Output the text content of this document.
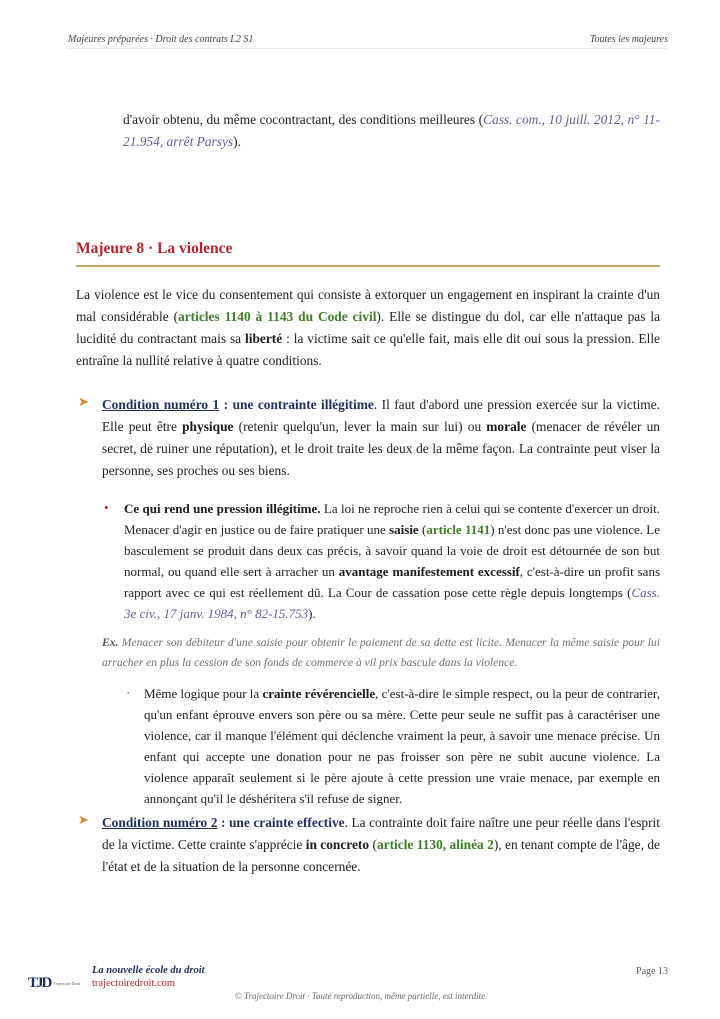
Majeures préparées · Droit des contrats L2 S1	Toutes les majeures

d'avoir obtenu, du même cocontractant, des conditions meilleures (Cass. com., 10 juill. 2012, n° 11-21.954, arrêt Parsys).

Majeure 8 · La violence

La violence est le vice du consentement qui consiste à extorquer un engagement en inspirant la crainte d'un mal considérable (articles 1140 à 1143 du Code civil). Elle se distingue du dol, car elle n'attaque pas la lucidité du contractant mais sa liberté : la victime sait ce qu'elle fait, mais elle dit oui sous la pression. Elle entraîne la nullité relative à quatre conditions.

➤ Condition numéro 1 : une contrainte illégitime. Il faut d'abord une pression exercée sur la victime. Elle peut être physique (retenir quelqu'un, lever la main sur lui) ou morale (menacer de révéler un secret, de ruiner une réputation), et le droit traite les deux de la même façon. La contrainte peut viser la personne, ses proches ou ses biens.

• Ce qui rend une pression illégitime. La loi ne reproche rien à celui qui se contente d'exercer un droit. Menacer d'agir en justice ou de faire pratiquer une saisie (article 1141) n'est donc pas une violence. Le basculement se produit dans deux cas précis, à savoir quand la voie de droit est détournée de son but normal, ou quand elle sert à arracher un avantage manifestement excessif, c'est-à-dire un profit sans rapport avec ce qui est réellement dû. La Cour de cassation pose cette règle depuis longtemps (Cass. 3e civ., 17 janv. 1984, n° 82-15.753).

Ex. Menacer son débiteur d'une saisie pour obtenir le paiement de sa dette est licite. Menacer la même saisie pour lui arracher en plus la cession de son fonds de commerce à vil prix bascule dans la violence.

· Même logique pour la crainte révérencielle, c'est-à-dire le simple respect, ou la peur de contrarier, qu'un enfant éprouve envers son père ou sa mère. Cette peur seule ne suffit pas à caractériser une violence, car il manque l'élément qui déclenche vraiment la peur, à savoir une menace précise. Un enfant qui accepte une donation pour ne pas froisser son père ne subit aucune violence. La violence apparaît seulement si le père ajoute à cette pression une vraie menace, par exemple en annonçant qu'il le déshéritera s'il refuse de signer.

➤ Condition numéro 2 : une crainte effective. La contrainte doit faire naître une peur réelle dans l'esprit de la victime. Cette crainte s'apprécie in concreto (article 1130, alinéa 2), en tenant compte de l'âge, de l'état et de la situation de la personne concernée.

TJD Trajectoire Droit
La nouvelle école du droit
trajectoiredroit.com
Page 13
© Trajectoire Droit · Toute reproduction, même partielle, est interdite
